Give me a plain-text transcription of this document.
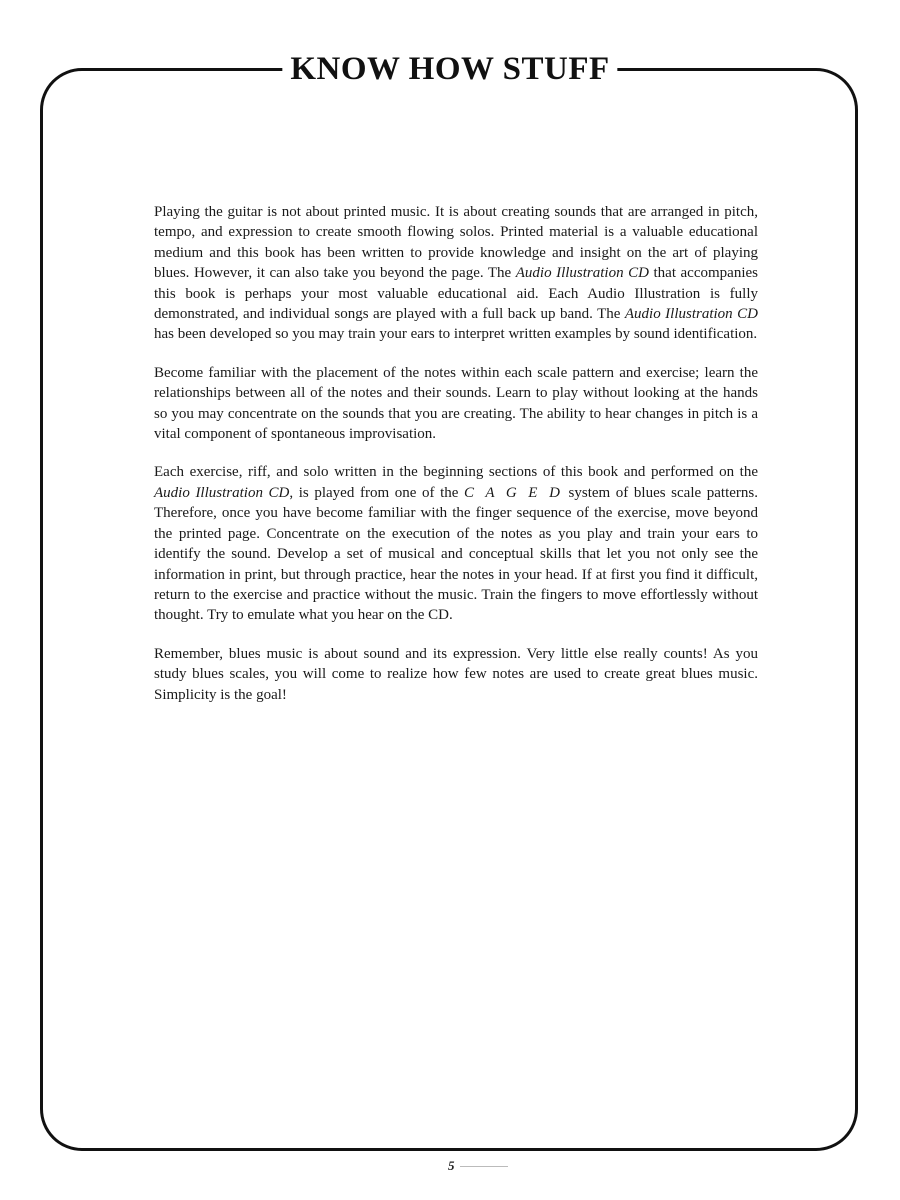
KNOW HOW STUFF

Playing the guitar is not about printed music. It is about creating sounds that are arranged in pitch, tempo, and expression to create smooth flowing solos. Printed material is a valuable educational medium and this book has been written to provide knowledge and insight on the art of playing blues. However, it can also take you beyond the page. The Audio Illustration CD that accompanies this book is perhaps your most valuable educational aid. Each Audio Illustration is fully demonstrated, and individual songs are played with a full back up band. The Audio Illustration CD has been developed so you may train your ears to interpret written examples by sound identification.

Become familiar with the placement of the notes within each scale pattern and exercise; learn the relationships between all of the notes and their sounds. Learn to play without looking at the hands so you may concentrate on the sounds that you are creating. The ability to hear changes in pitch is a vital component of spontaneous improvisation.

Each exercise, riff, and solo written in the beginning sections of this book and performed on the Audio Illustration CD, is played from one of the C A G E D system of blues scale patterns. Therefore, once you have become familiar with the finger sequence of the exercise, move beyond the printed page. Concentrate on the execution of the notes as you play and train your ears to identify the sound. Develop a set of musical and conceptual skills that let you not only see the information in print, but through practice, hear the notes in your head. If at first you find it difficult, return to the exercise and practice without the music. Train the fingers to move effortlessly without thought. Try to emulate what you hear on the CD.

Remember, blues music is about sound and its expression. Very little else really counts! As you study blues scales, you will come to realize how few notes are used to create great blues music. Simplicity is the goal!

5
